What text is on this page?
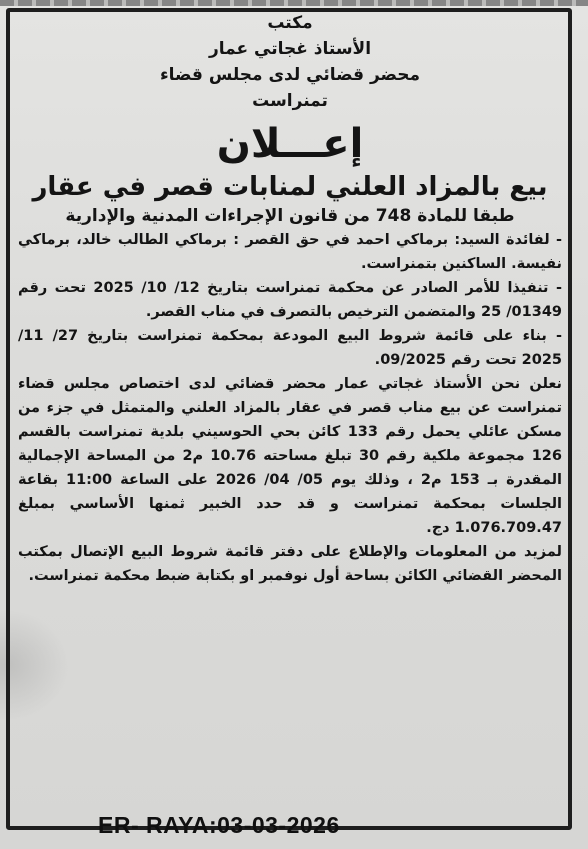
مكتب
الأستاذ غجاتي عمار
محضر قضائي لدى مجلس قضاء
تمنراست
إعـــلان
بيع بالمزاد العلني لمنابات قصر في عقار
طبقا للمادة 748 من قانون الإجراءات المدنية والإدارية
- لفائدة السيد: برماكي احمد في حق القصر : برماكي الطالب خالد، برماكي نفيسة. الساكنين بتمنراست.
- تنفيذا للأمر الصادر عن محكمة تمنراست بتاريخ 12/ 10/ 2025 تحت رقم 01349/ 25 والمتضمن الترخيص بالتصرف في مناب القصر.
- بناء على قائمة شروط البيع المودعة بمحكمة تمنراست بتاريخ 27/ 11/ 2025 تحت رقم 09/2025.
نعلن نحن الأستاذ غجاتي عمار محضر قضائي لدى اختصاص مجلس قضاء تمنراست عن بيع مناب قصر في عقار بالمزاد العلني والمتمثل في جزء من مسكن عائلي يحمل رقم 133 كائن بحي الحوسيني بلدية تمنراست بالقسم 126 مجموعة ملكية رقم 30 تبلغ مساحته 10.76 م2 من المساحة الإجمالية المقدرة بـ 153 م2 ، وذلك يوم 05/ 04/ 2026 على الساعة 11:00 بقاعة الجلسات بمحكمة تمنراست و قد حدد الخبير ثمنها الأساسي بمبلغ 1.076.709.47 دج.
لمزيد من المعلومات والإطلاع على دفتر قائمة شروط البيع الإتصال بمكتب المحضر القضائي الكائن بساحة أول نوفمبر او بكتابة ضبط محكمة تمنراست.
ER- RAYA:03-03-2026
